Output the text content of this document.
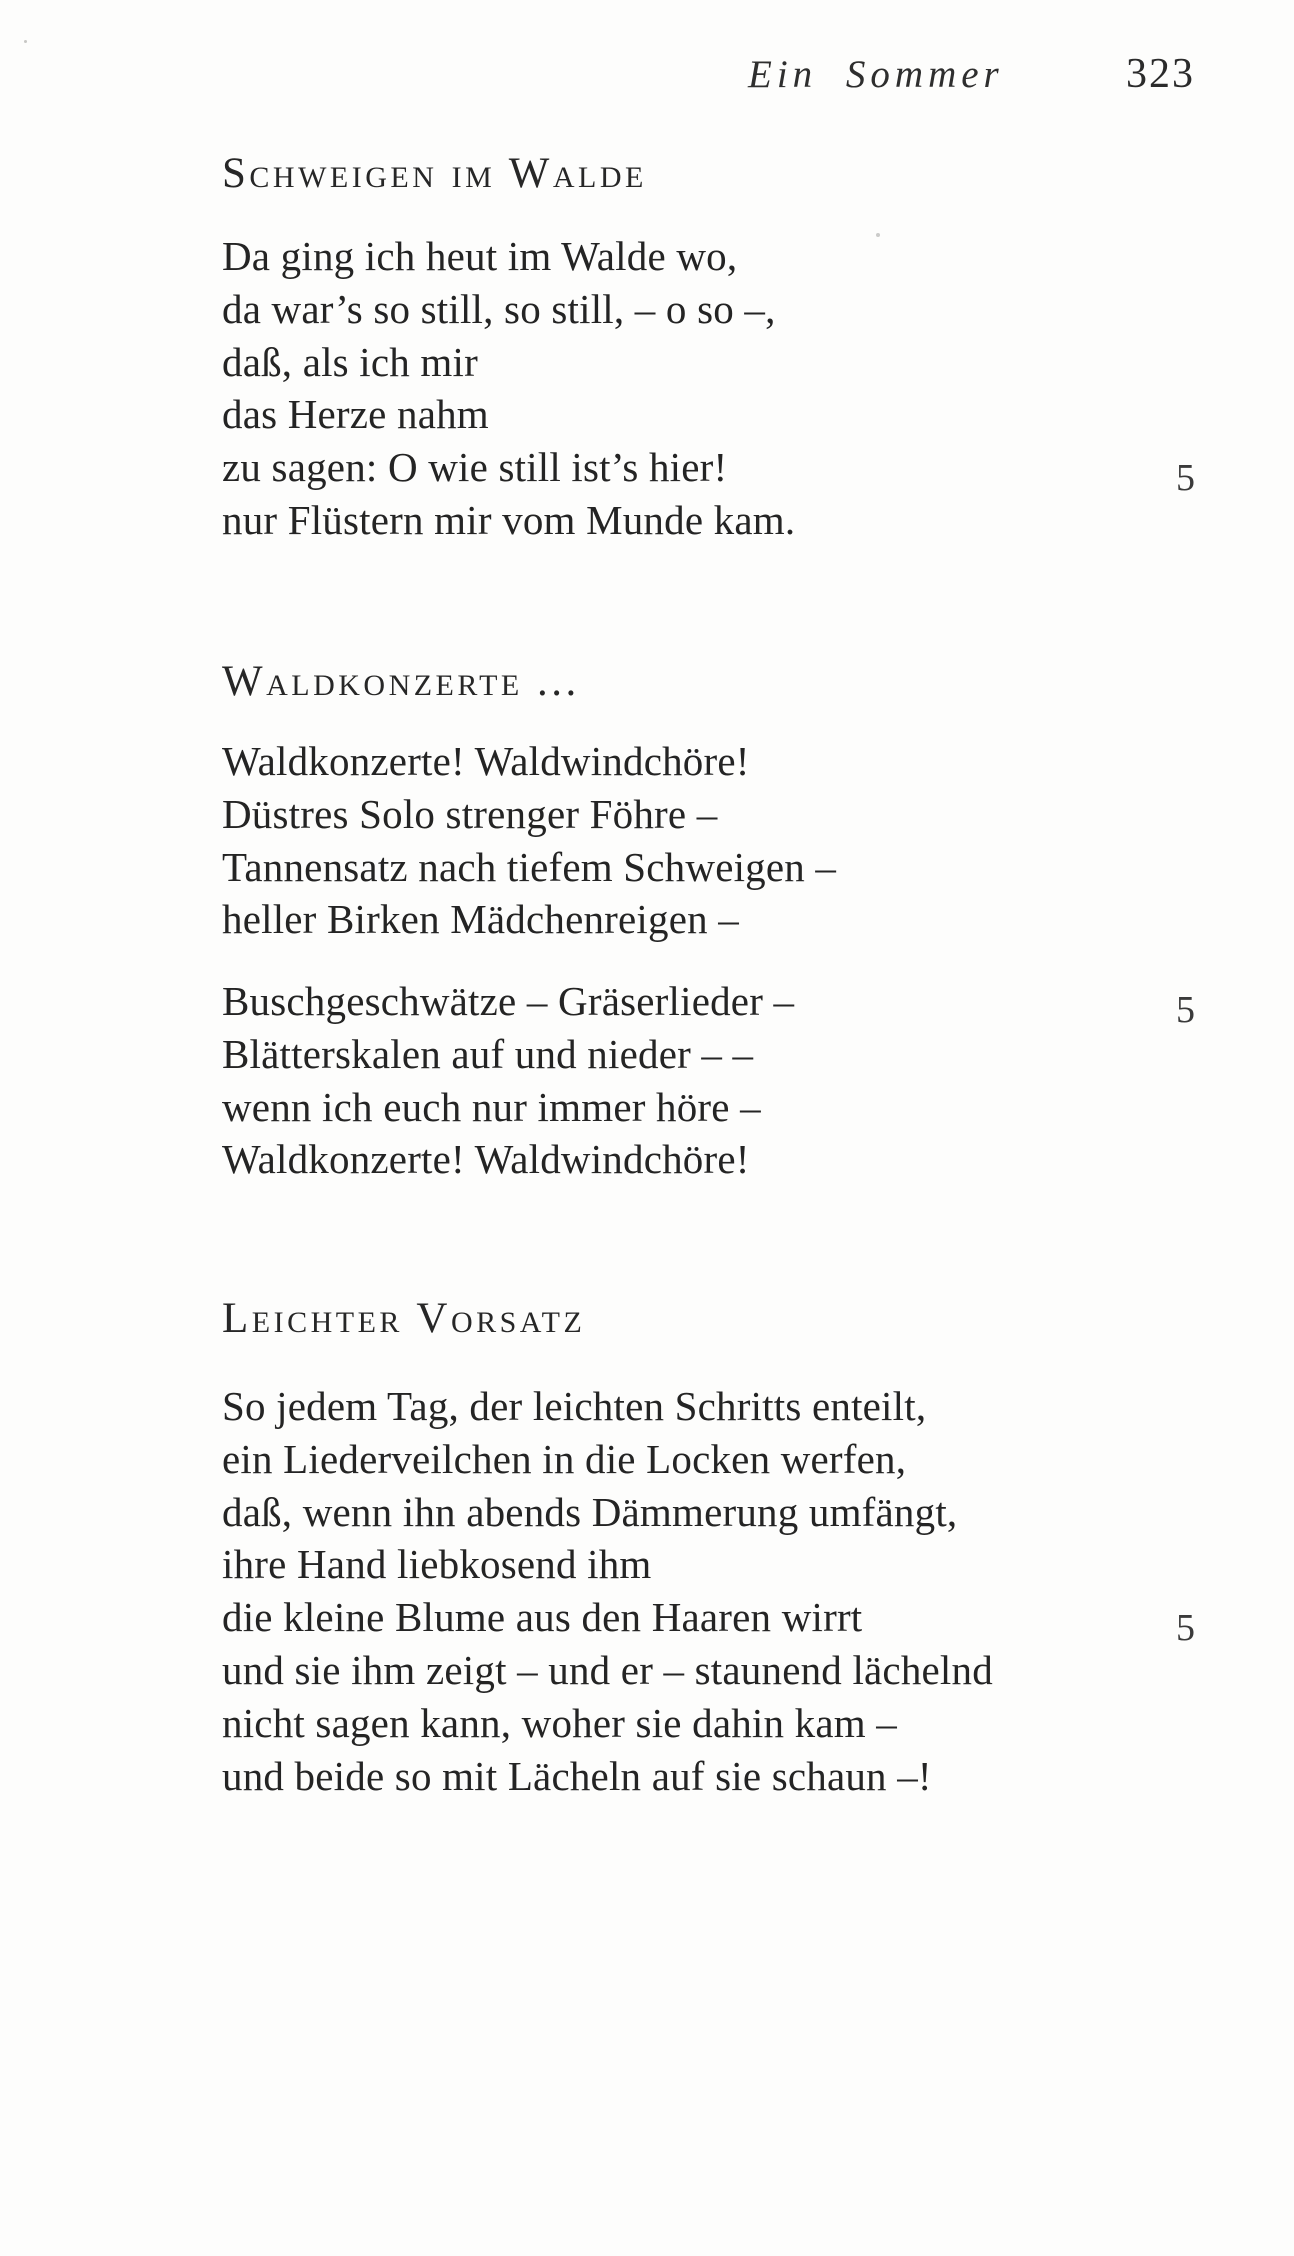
Ein Sommer	323
Schweigen im Walde
Da ging ich heut im Walde wo,
da war’s so still, so still, – o so –,
daß, als ich mir
das Herze nahm
zu sagen: O wie still ist’s hier!
nur Flüstern mir vom Munde kam.
5
Waldkonzerte ...
Waldkonzerte! Waldwindchöre!
Düstres Solo strenger Föhre –
Tannensatz nach tiefem Schweigen –
heller Birken Mädchenreigen –
Buschgeschwätze – Gräserlieder –
Blätterskalen auf und nieder – –
wenn ich euch nur immer höre –
Waldkonzerte! Waldwindchöre!
5
Leichter Vorsatz
So jedem Tag, der leichten Schritts enteilt,
ein Liederveilchen in die Locken werfen,
daß, wenn ihn abends Dämmerung umfängt,
ihre Hand liebkosend ihm
die kleine Blume aus den Haaren wirrt
und sie ihm zeigt – und er – staunend lächelnd
nicht sagen kann, woher sie dahin kam –
und beide so mit Lächeln auf sie schaun –!
5
